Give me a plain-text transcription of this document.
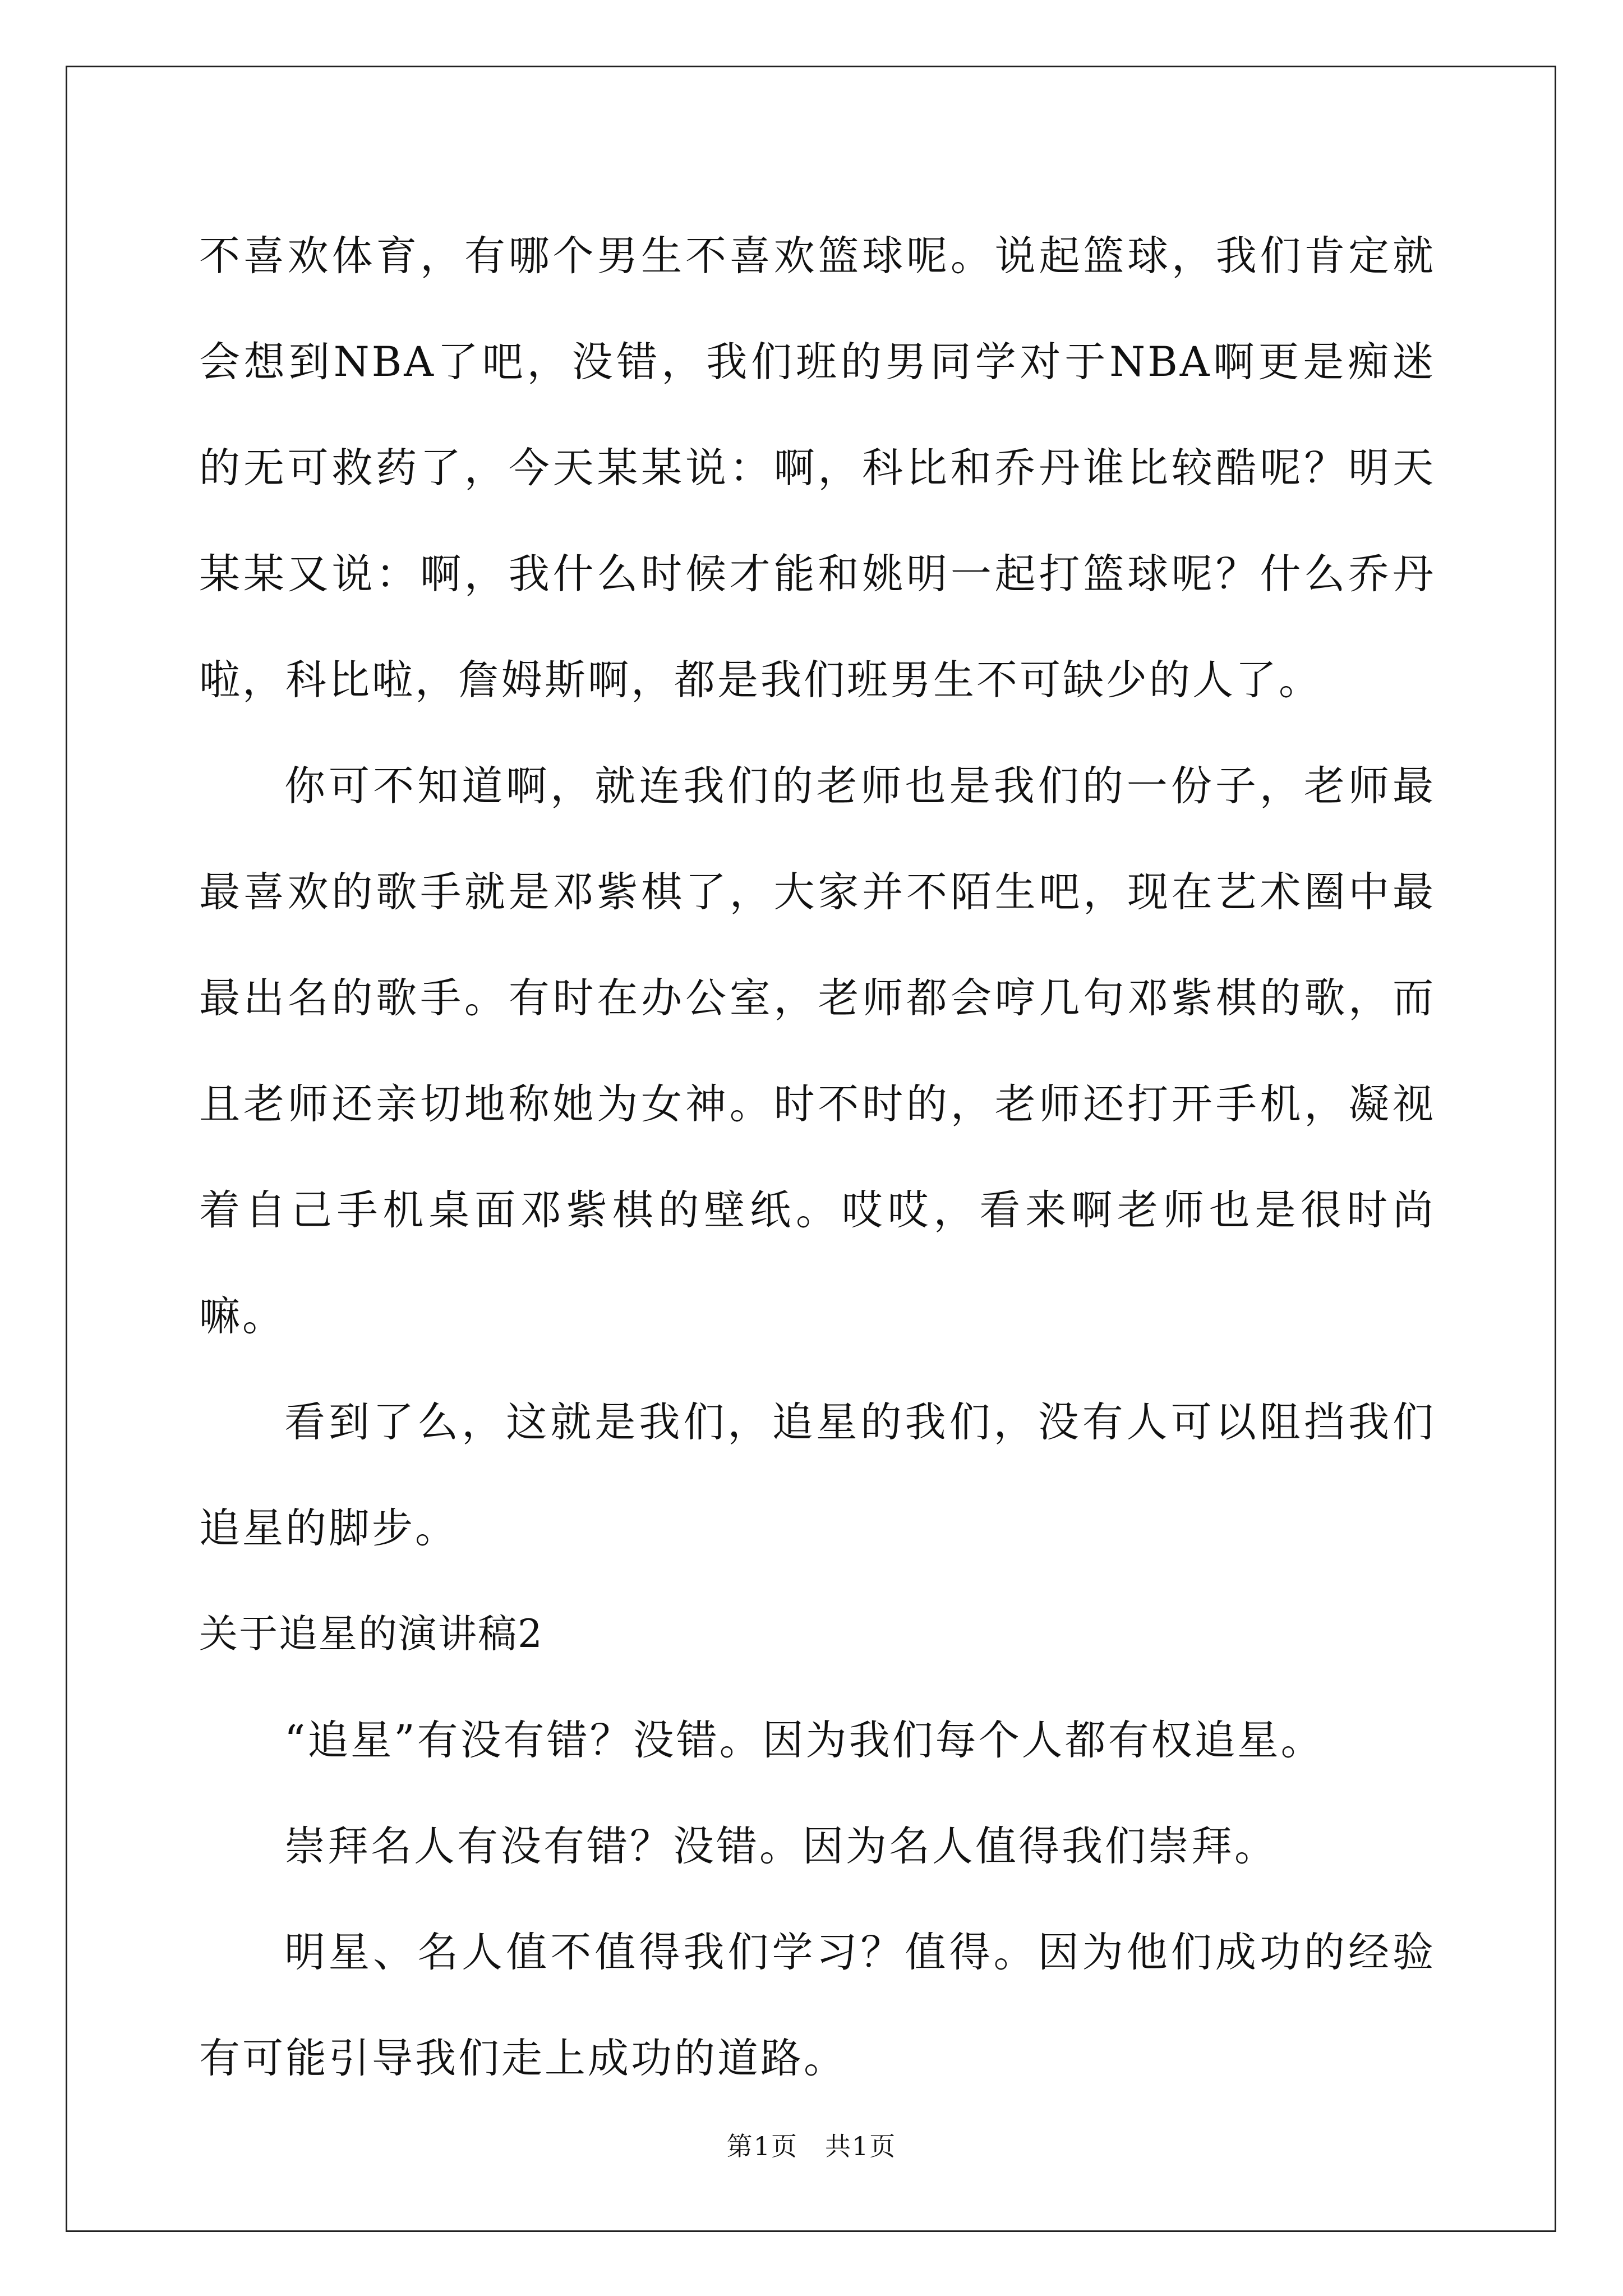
不喜欢体育，有哪个男生不喜欢篮球呢。说起篮球，我们肯定就会想到NBA了吧，没错，我们班的男同学对于NBA啊更是痴迷的无可救药了，今天某某说：啊，科比和乔丹谁比较酷呢？明天某某又说：啊，我什么时候才能和姚明一起打篮球呢？什么乔丹啦，科比啦，詹姆斯啊，都是我们班男生不可缺少的人了。

你可不知道啊，就连我们的老师也是我们的一份子，老师最最喜欢的歌手就是邓紫棋了，大家并不陌生吧，现在艺术圈中最最出名的歌手。有时在办公室，老师都会哼几句邓紫棋的歌，而且老师还亲切地称她为女神。时不时的，老师还打开手机，凝视着自己手机桌面邓紫棋的壁纸。哎哎，看来啊老师也是很时尚嘛。

看到了么，这就是我们，追星的我们，没有人可以阻挡我们追星的脚步。

关于追星的演讲稿2

“追星”有没有错？没错。因为我们每个人都有权追星。

崇拜名人有没有错？没错。因为名人值得我们崇拜。

明星、名人值不值得我们学习？值得。因为他们成功的经验有可能引导我们走上成功的道路。

第1页　共1页
